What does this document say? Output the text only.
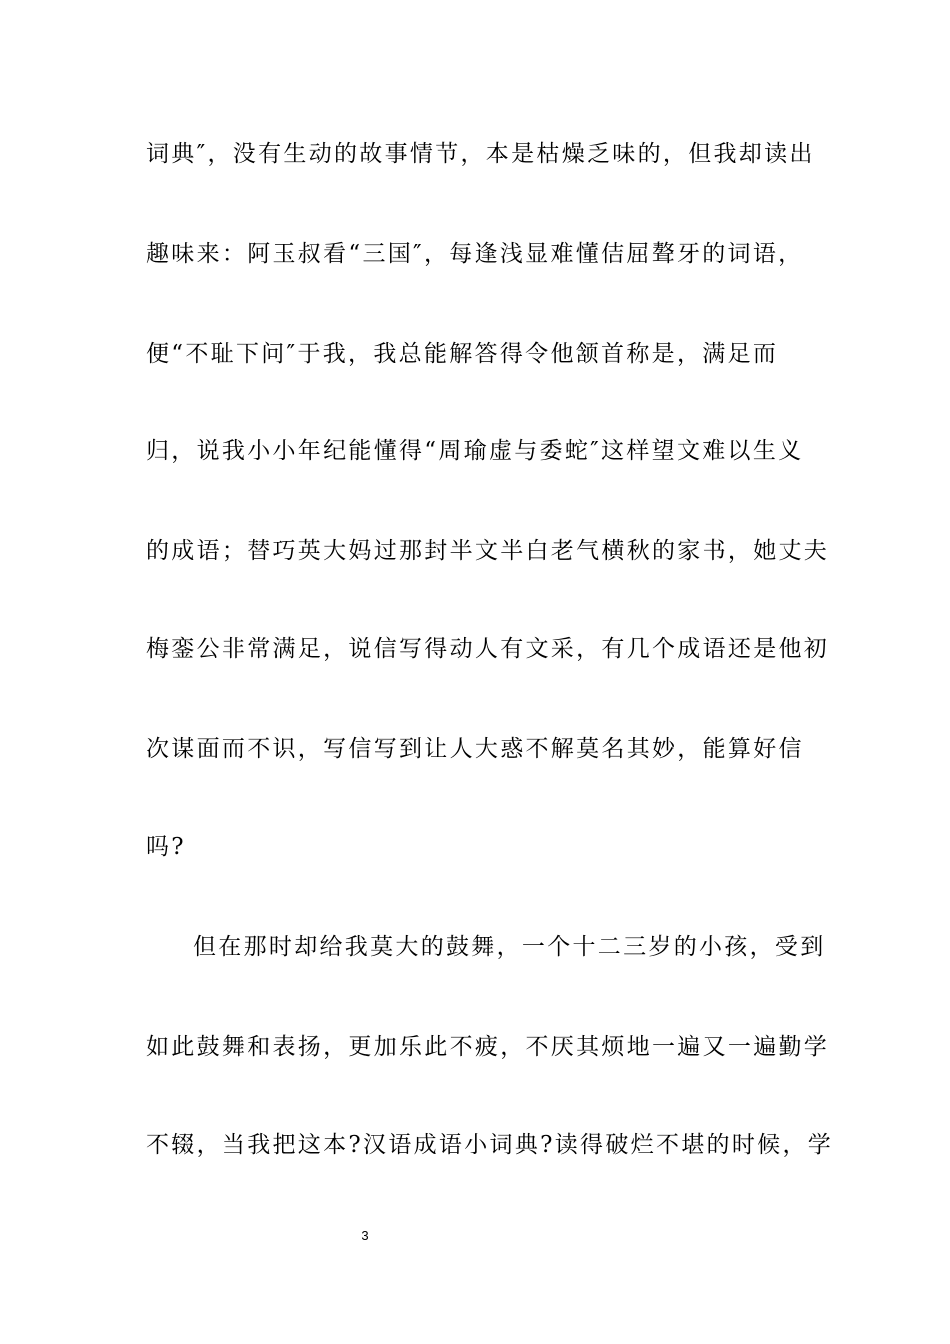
词典″，没有生动的故事情节，本是枯燥乏味的，但我却读出
趣味来：阿玉叔看“三国″，每逢浅显难懂佶屈聱牙的词语，
便“不耻下问″于我，我总能解答得令他颔首称是，满足而
归，说我小小年纪能懂得“周瑜虚与委蛇″这样望文难以生义
的成语；替巧英大妈过那封半文半白老气横秋的家书，她丈夫
梅銮公非常满足，说信写得动人有文采，有几个成语还是他初
次谋面而不识，写信写到让人大惑不解莫名其妙，能算好信
吗?
但在那时却给我莫大的鼓舞，一个十二三岁的小孩，受到
如此鼓舞和表扬，更加乐此不疲，不厌其烦地一遍又一遍勤学
不辍，当我把这本?汉语成语小词典?读得破烂不堪的时候，学
3
